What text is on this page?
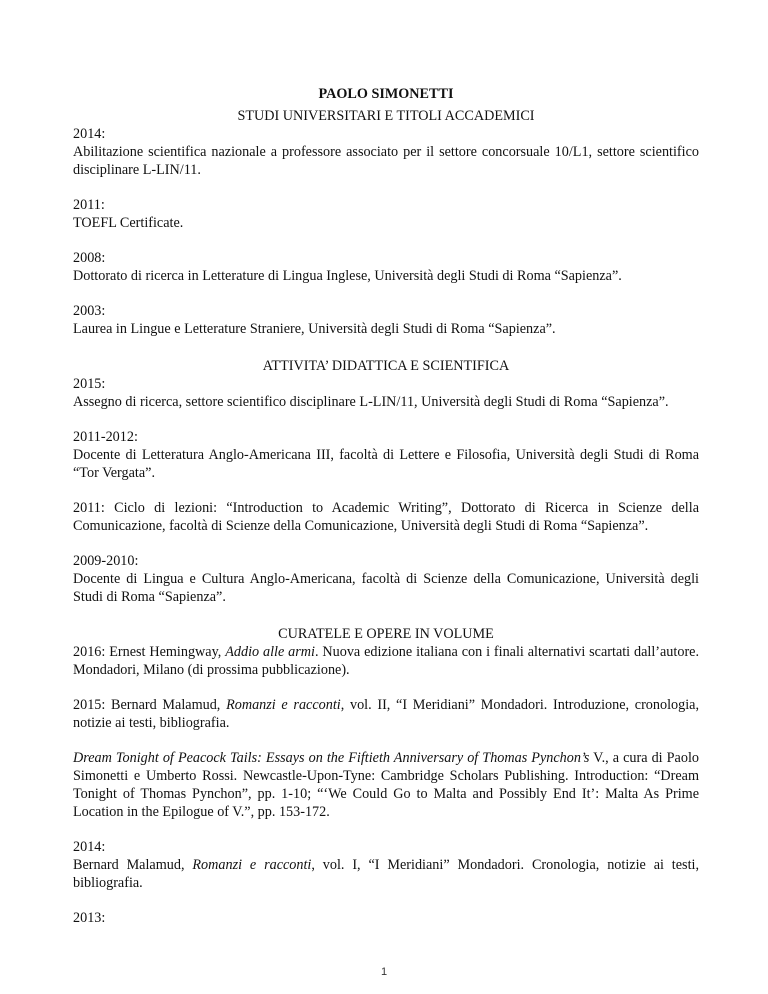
PAOLO SIMONETTI
STUDI UNIVERSITARI E TITOLI ACCADEMICI

2014:

Abilitazione scientifica nazionale a professore associato per il settore concorsuale 10/L1, settore scientifico disciplinare L-LIN/11.

2011:

TOEFL Certificate.

2008:

Dottorato di ricerca in Letterature di Lingua Inglese, Università degli Studi di Roma “Sapienza”.

2003:

Laurea in Lingue e Letterature Straniere, Università degli Studi di Roma “Sapienza”.

ATTIVITA’ DIDATTICA E SCIENTIFICA

2015:

Assegno di ricerca, settore scientifico disciplinare L-LIN/11, Università degli Studi di Roma “Sapienza”.

2011-2012:

Docente di Letteratura Anglo-Americana III, facoltà di Lettere e Filosofia, Università degli Studi di Roma “Tor Vergata”.

2011: Ciclo di lezioni: “Introduction to Academic Writing”, Dottorato di Ricerca in Scienze della Comunicazione, facoltà di Scienze della Comunicazione, Università degli Studi di Roma “Sapienza”.

2009-2010:

Docente di Lingua e Cultura Anglo-Americana, facoltà di Scienze della Comunicazione, Università degli Studi di Roma “Sapienza”.

CURATELE E OPERE IN VOLUME

2016: Ernest Hemingway, Addio alle armi. Nuova edizione italiana con i finali alternativi scartati dall’autore. Mondadori, Milano (di prossima pubblicazione).

2015: Bernard Malamud, Romanzi e racconti, vol. II, “I Meridiani” Mondadori. Introduzione, cronologia, notizie ai testi, bibliografia.

Dream Tonight of Peacock Tails: Essays on the Fiftieth Anniversary of Thomas Pynchon’s V., a cura di Paolo Simonetti e Umberto Rossi. Newcastle-Upon-Tyne: Cambridge Scholars Publishing. Introduction: “Dream Tonight of Thomas Pynchon”, pp. 1-10; “‘We Could Go to Malta and Possibly End It’: Malta As Prime Location in the Epilogue of V.”, pp. 153-172.

2014:

Bernard Malamud, Romanzi e racconti, vol. I, “I Meridiani” Mondadori. Cronologia, notizie ai testi, bibliografia.

2013:

1
